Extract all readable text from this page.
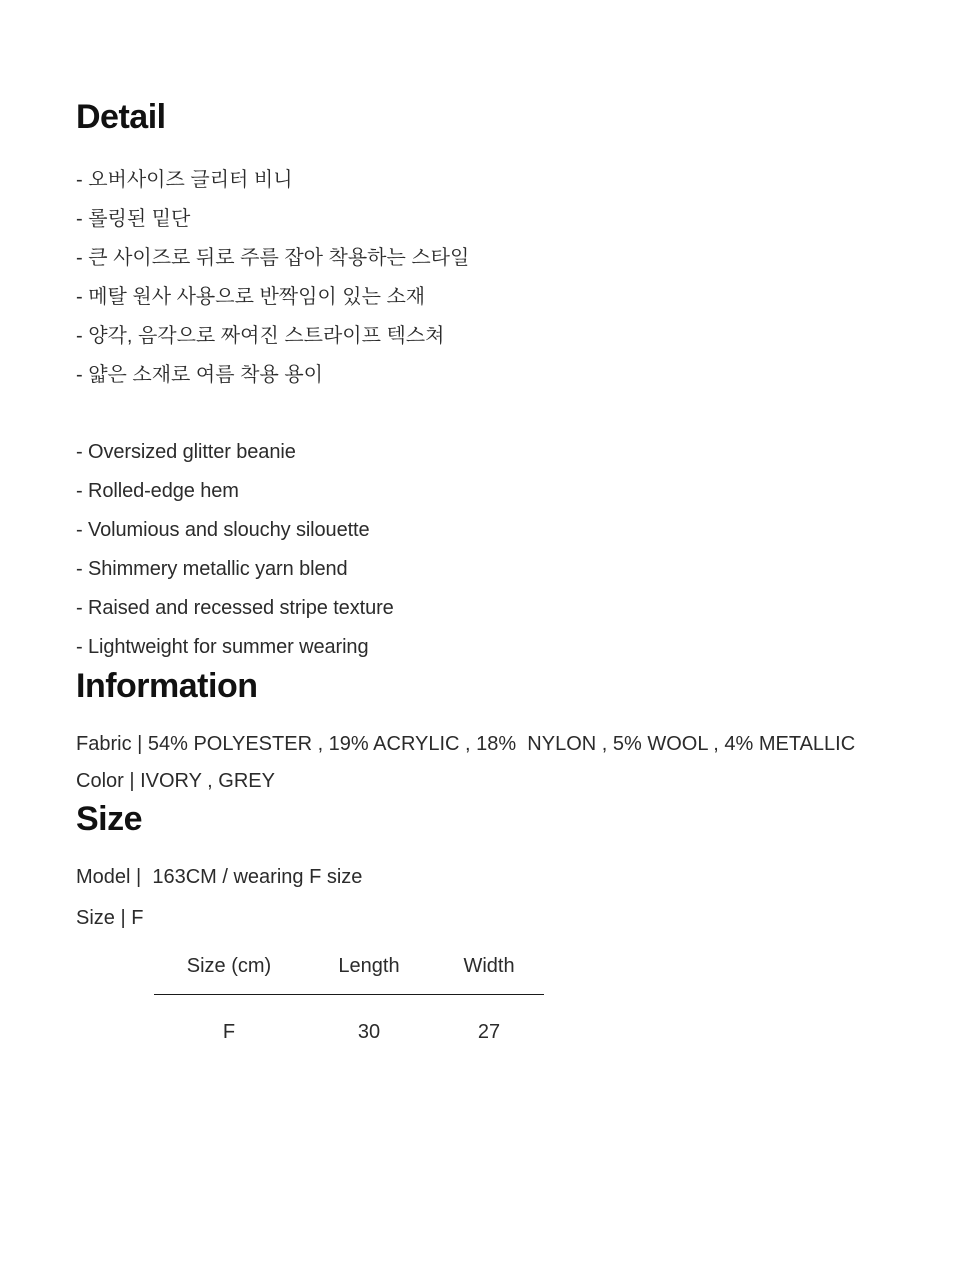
Detail
- 오버사이즈 글리터 비니
- 롤링된 밑단
- 큰 사이즈로 뒤로 주름 잡아 착용하는 스타일
- 메탈 원사 사용으로 반짝임이 있는 소재
- 양각, 음각으로 짜여진 스트라이프 텍스쳐
- 얇은 소재로 여름 착용 용이
- Oversized glitter beanie
- Rolled-edge hem
- Volumious and slouchy silouette
- Shimmery metallic yarn blend
- Raised and recessed stripe texture
- Lightweight for summer wearing
Information
Fabric | 54% POLYESTER , 19% ACRYLIC , 18%  NYLON , 5% WOOL , 4% METALLIC
Color | IVORY , GREY
Size
Model |  163CM / wearing F size
Size | F
Size (cm)	Length	Width
F	30	27
